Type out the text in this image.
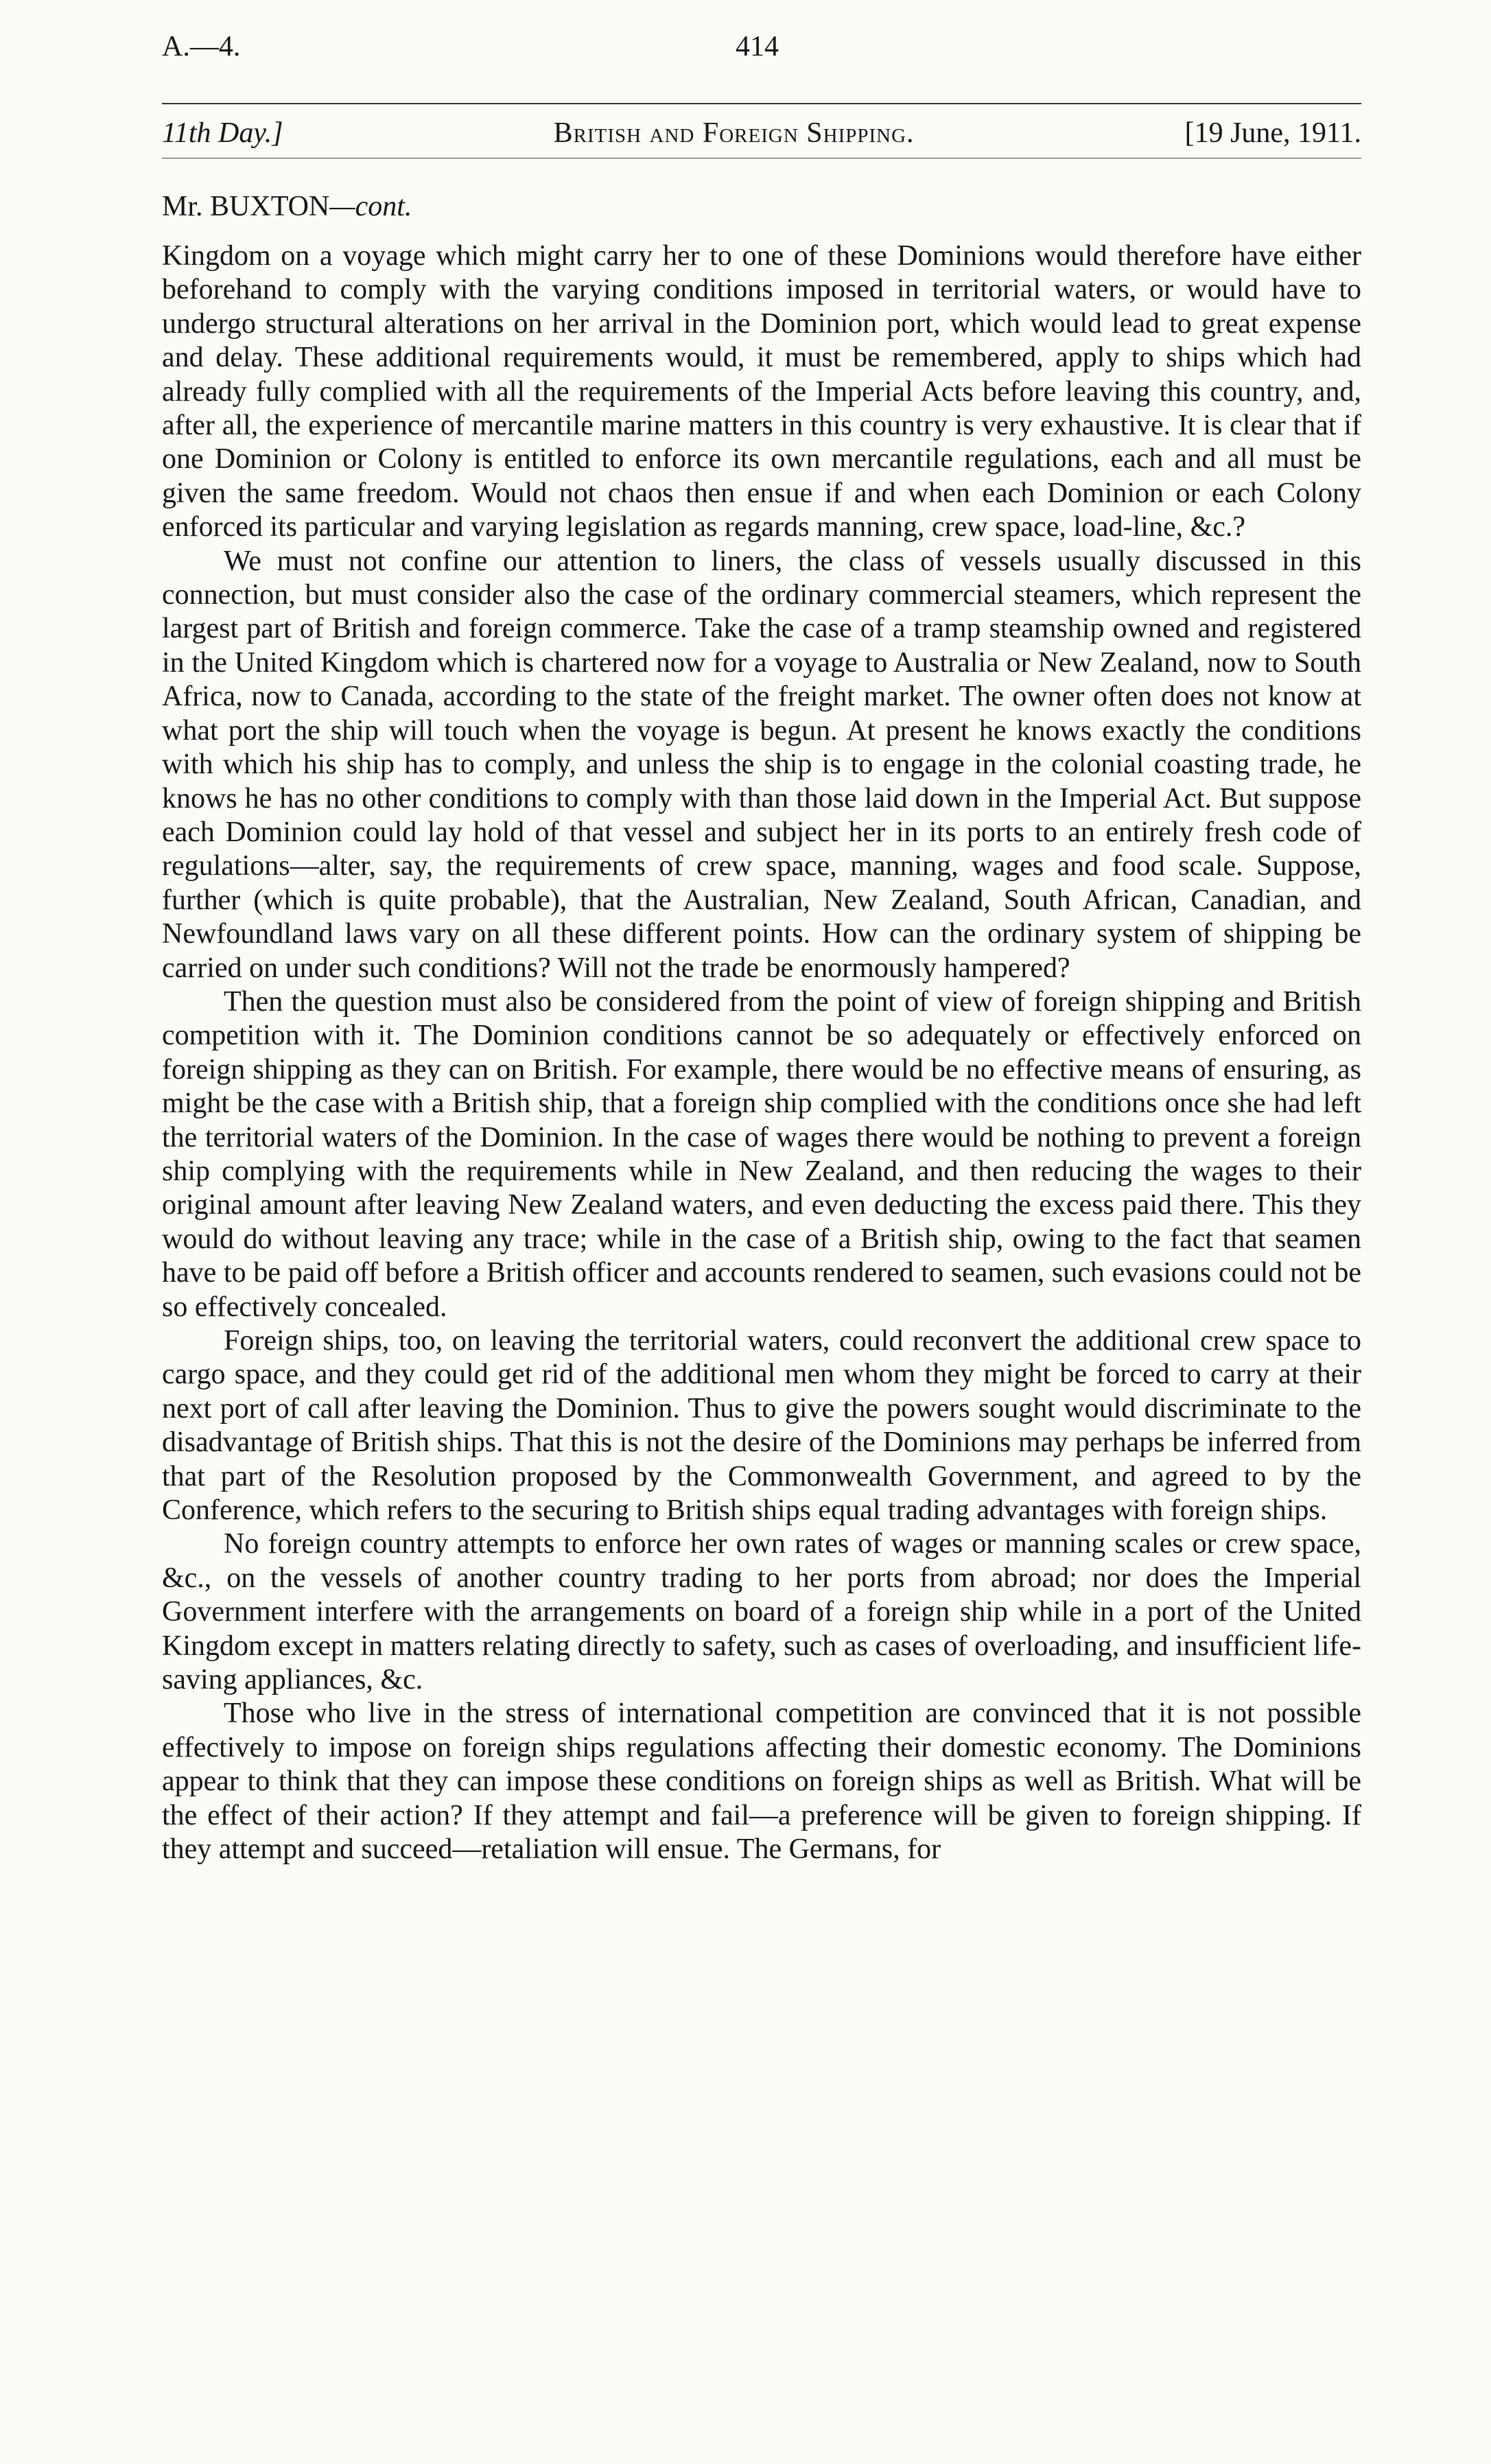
A.—4.	414
11th Day.]	British and Foreign Shipping.	[19 June, 1911.
Mr. BUXTON—cont.

Kingdom on a voyage which might carry her to one of these Dominions would therefore have either beforehand to comply with the varying conditions imposed in territorial waters, or would have to undergo structural alterations on her arrival in the Dominion port, which would lead to great expense and delay. These additional requirements would, it must be remembered, apply to ships which had already fully complied with all the requirements of the Imperial Acts before leaving this country, and, after all, the experience of mercantile marine matters in this country is very exhaustive. It is clear that if one Dominion or Colony is entitled to enforce its own mercantile regulations, each and all must be given the same freedom. Would not chaos then ensue if and when each Dominion or each Colony enforced its particular and varying legislation as regards manning, crew space, load-line, &c.?

We must not confine our attention to liners, the class of vessels usually discussed in this connection, but must consider also the case of the ordinary commercial steamers, which represent the largest part of British and foreign commerce. Take the case of a tramp steamship owned and registered in the United Kingdom which is chartered now for a voyage to Australia or New Zealand, now to South Africa, now to Canada, according to the state of the freight market. The owner often does not know at what port the ship will touch when the voyage is begun. At present he knows exactly the conditions with which his ship has to comply, and unless the ship is to engage in the colonial coasting trade, he knows he has no other conditions to comply with than those laid down in the Imperial Act. But suppose each Dominion could lay hold of that vessel and subject her in its ports to an entirely fresh code of regulations—alter, say, the requirements of crew space, manning, wages and food scale. Suppose, further (which is quite probable), that the Australian, New Zealand, South African, Canadian, and Newfoundland laws vary on all these different points. How can the ordinary system of shipping be carried on under such conditions? Will not the trade be enormously hampered?

Then the question must also be considered from the point of view of foreign shipping and British competition with it. The Dominion conditions cannot be so adequately or effectively enforced on foreign shipping as they can on British. For example, there would be no effective means of ensuring, as might be the case with a British ship, that a foreign ship complied with the conditions once she had left the territorial waters of the Dominion. In the case of wages there would be nothing to prevent a foreign ship complying with the requirements while in New Zealand, and then reducing the wages to their original amount after leaving New Zealand waters, and even deducting the excess paid there. This they would do without leaving any trace; while in the case of a British ship, owing to the fact that seamen have to be paid off before a British officer and accounts rendered to seamen, such evasions could not be so effectively concealed.

Foreign ships, too, on leaving the territorial waters, could reconvert the additional crew space to cargo space, and they could get rid of the additional men whom they might be forced to carry at their next port of call after leaving the Dominion. Thus to give the powers sought would discriminate to the disadvantage of British ships. That this is not the desire of the Dominions may perhaps be inferred from that part of the Resolution proposed by the Commonwealth Government, and agreed to by the Conference, which refers to the securing to British ships equal trading advantages with foreign ships.

No foreign country attempts to enforce her own rates of wages or manning scales or crew space, &c., on the vessels of another country trading to her ports from abroad; nor does the Imperial Government interfere with the arrangements on board of a foreign ship while in a port of the United Kingdom except in matters relating directly to safety, such as cases of overloading, and insufficient life-saving appliances, &c.

Those who live in the stress of international competition are convinced that it is not possible effectively to impose on foreign ships regulations affecting their domestic economy. The Dominions appear to think that they can impose these conditions on foreign ships as well as British. What will be the effect of their action? If they attempt and fail—a preference will be given to foreign shipping. If they attempt and succeed—retaliation will ensue. The Germans, for
